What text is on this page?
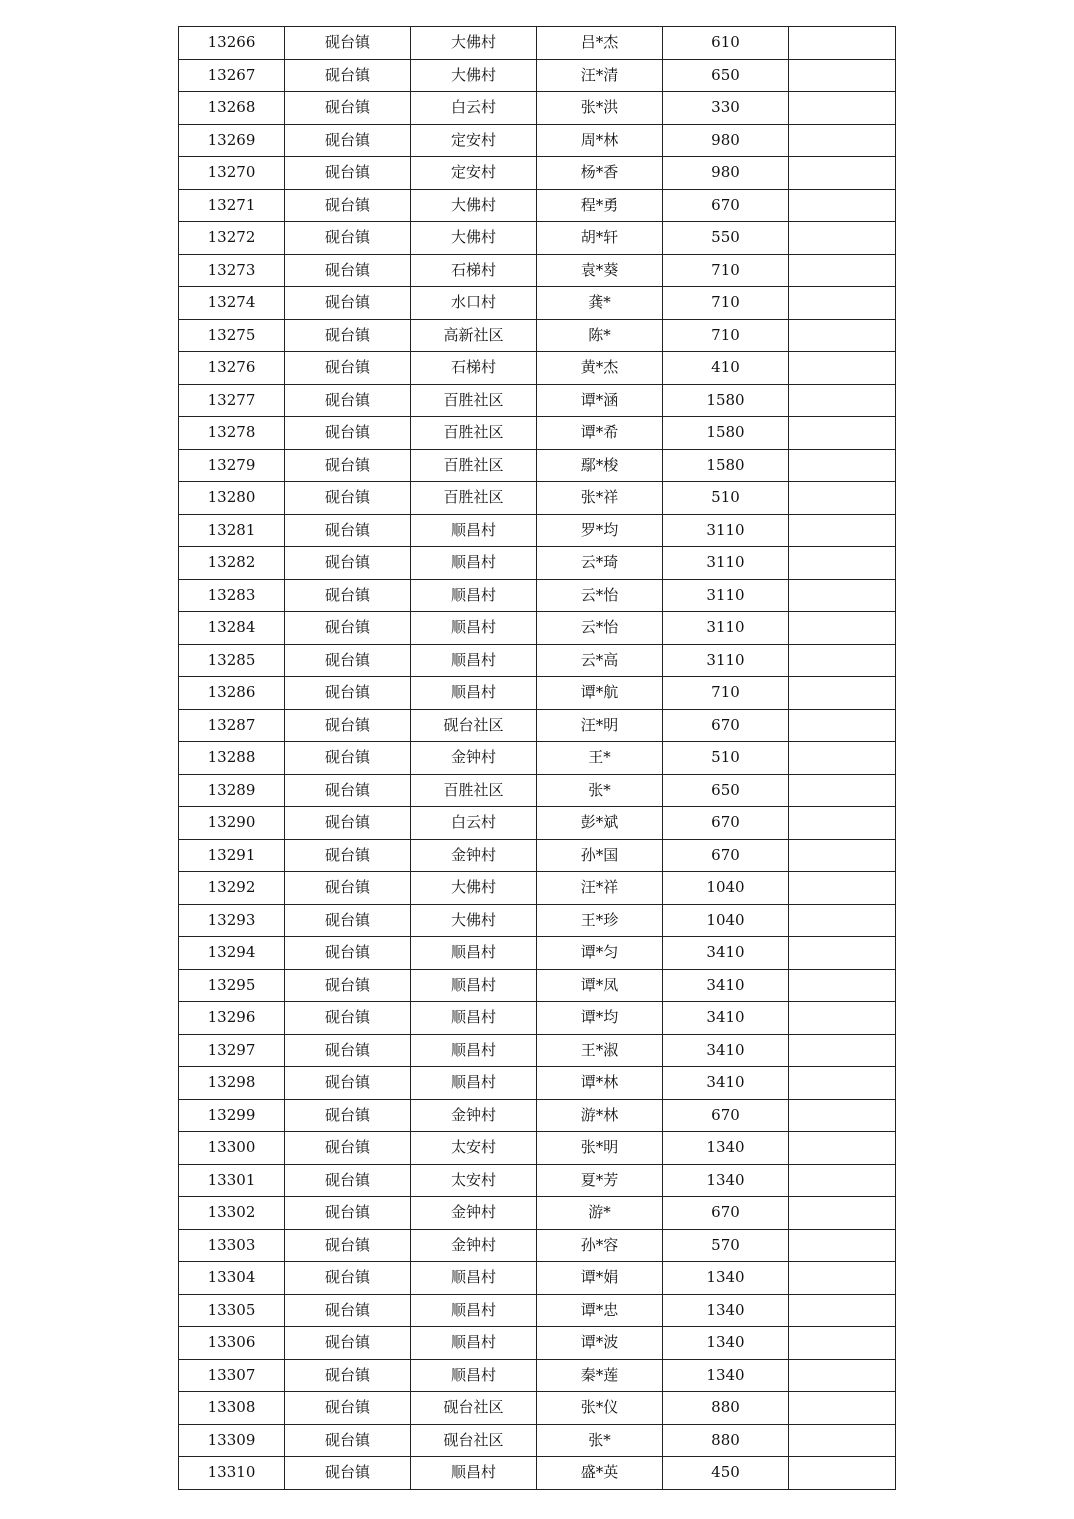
13266	砚台镇	大佛村	吕*杰	610	
13267	砚台镇	大佛村	汪*清	650	
13268	砚台镇	白云村	张*洪	330	
13269	砚台镇	定安村	周*林	980	
13270	砚台镇	定安村	杨*香	980	
13271	砚台镇	大佛村	程*勇	670	
13272	砚台镇	大佛村	胡*轩	550	
13273	砚台镇	石梯村	袁*葵	710	
13274	砚台镇	水口村	龚*	710	
13275	砚台镇	高新社区	陈*	710	
13276	砚台镇	石梯村	黄*杰	410	
13277	砚台镇	百胜社区	谭*涵	1580	
13278	砚台镇	百胜社区	谭*希	1580	
13279	砚台镇	百胜社区	鄢*梭	1580	
13280	砚台镇	百胜社区	张*祥	510	
13281	砚台镇	顺昌村	罗*均	3110	
13282	砚台镇	顺昌村	云*琦	3110	
13283	砚台镇	顺昌村	云*怡	3110	
13284	砚台镇	顺昌村	云*怡	3110	
13285	砚台镇	顺昌村	云*高	3110	
13286	砚台镇	顺昌村	谭*航	710	
13287	砚台镇	砚台社区	汪*明	670	
13288	砚台镇	金钟村	王*	510	
13289	砚台镇	百胜社区	张*	650	
13290	砚台镇	白云村	彭*斌	670	
13291	砚台镇	金钟村	孙*国	670	
13292	砚台镇	大佛村	汪*祥	1040	
13293	砚台镇	大佛村	王*珍	1040	
13294	砚台镇	顺昌村	谭*匀	3410	
13295	砚台镇	顺昌村	谭*凤	3410	
13296	砚台镇	顺昌村	谭*均	3410	
13297	砚台镇	顺昌村	王*淑	3410	
13298	砚台镇	顺昌村	谭*林	3410	
13299	砚台镇	金钟村	游*林	670	
13300	砚台镇	太安村	张*明	1340	
13301	砚台镇	太安村	夏*芳	1340	
13302	砚台镇	金钟村	游*	670	
13303	砚台镇	金钟村	孙*容	570	
13304	砚台镇	顺昌村	谭*娟	1340	
13305	砚台镇	顺昌村	谭*忠	1340	
13306	砚台镇	顺昌村	谭*波	1340	
13307	砚台镇	顺昌村	秦*莲	1340	
13308	砚台镇	砚台社区	张*仪	880	
13309	砚台镇	砚台社区	张*	880	
13310	砚台镇	顺昌村	盛*英	450	
